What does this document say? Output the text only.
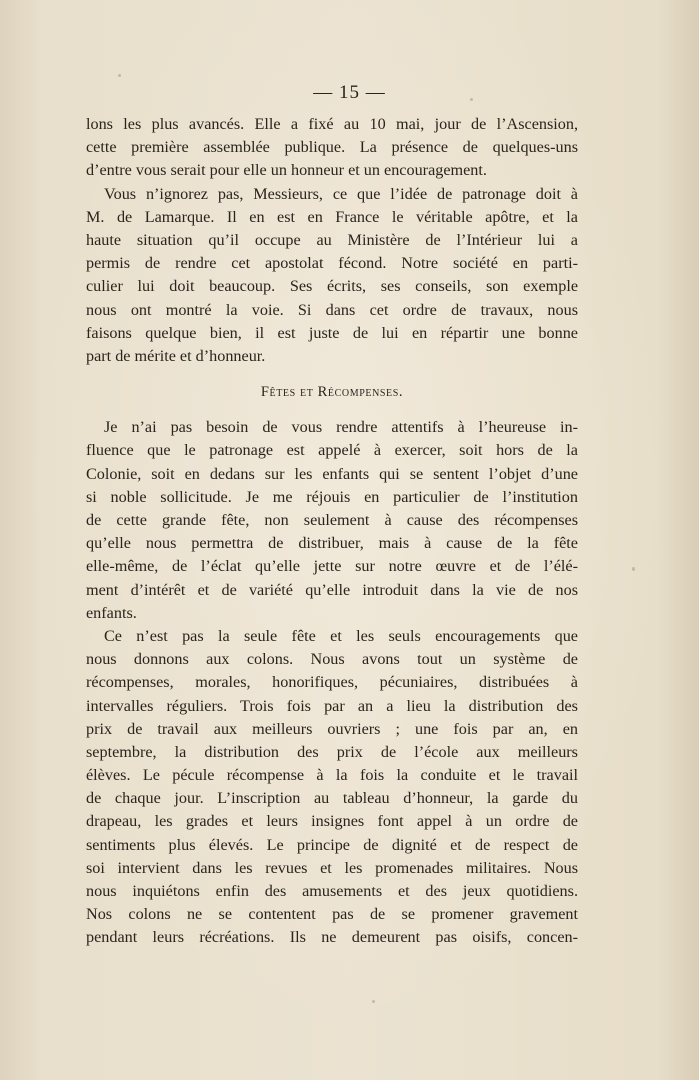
— 15 —
lons les plus avancés. Elle a fixé au 10 mai, jour de l’Ascension,
cette première assemblée publique. La présence de quelques-uns
d’entre vous serait pour elle un honneur et un encouragement.
Vous n’ignorez pas, Messieurs, ce que l’idée de patronage doit à
M. de Lamarque. Il en est en France le véritable apôtre, et la
haute situation qu’il occupe au Ministère de l’Intérieur lui a
permis de rendre cet apostolat fécond. Notre société en parti-
culier lui doit beaucoup. Ses écrits, ses conseils, son exemple
nous ont montré la voie. Si dans cet ordre de travaux, nous
faisons quelque bien, il est juste de lui en répartir une bonne
part de mérite et d’honneur.
Fêtes et Récompenses.
Je n’ai pas besoin de vous rendre attentifs à l’heureuse in-
fluence que le patronage est appelé à exercer, soit hors de la
Colonie, soit en dedans sur les enfants qui se sentent l’objet d’une
si noble sollicitude. Je me réjouis en particulier de l’institution
de cette grande fête, non seulement à cause des récompenses
qu’elle nous permettra de distribuer, mais à cause de la fête
elle-même, de l’éclat qu’elle jette sur notre œuvre et de l’élé-
ment d’intérêt et de variété qu’elle introduit dans la vie de nos
enfants.
Ce n’est pas la seule fête et les seuls encouragements que
nous donnons aux colons. Nous avons tout un système de
récompenses, morales, honorifiques, pécuniaires, distribuées à
intervalles réguliers. Trois fois par an a lieu la distribution des
prix de travail aux meilleurs ouvriers ; une fois par an, en
septembre, la distribution des prix de l’école aux meilleurs
élèves. Le pécule récompense à la fois la conduite et le travail
de chaque jour. L’inscription au tableau d’honneur, la garde du
drapeau, les grades et leurs insignes font appel à un ordre de
sentiments plus élevés. Le principe de dignité et de respect de
soi intervient dans les revues et les promenades militaires. Nous
nous inquiétons enfin des amusements et des jeux quotidiens.
Nos colons ne se contentent pas de se promener gravement
pendant leurs récréations. Ils ne demeurent pas oisifs, concen-
